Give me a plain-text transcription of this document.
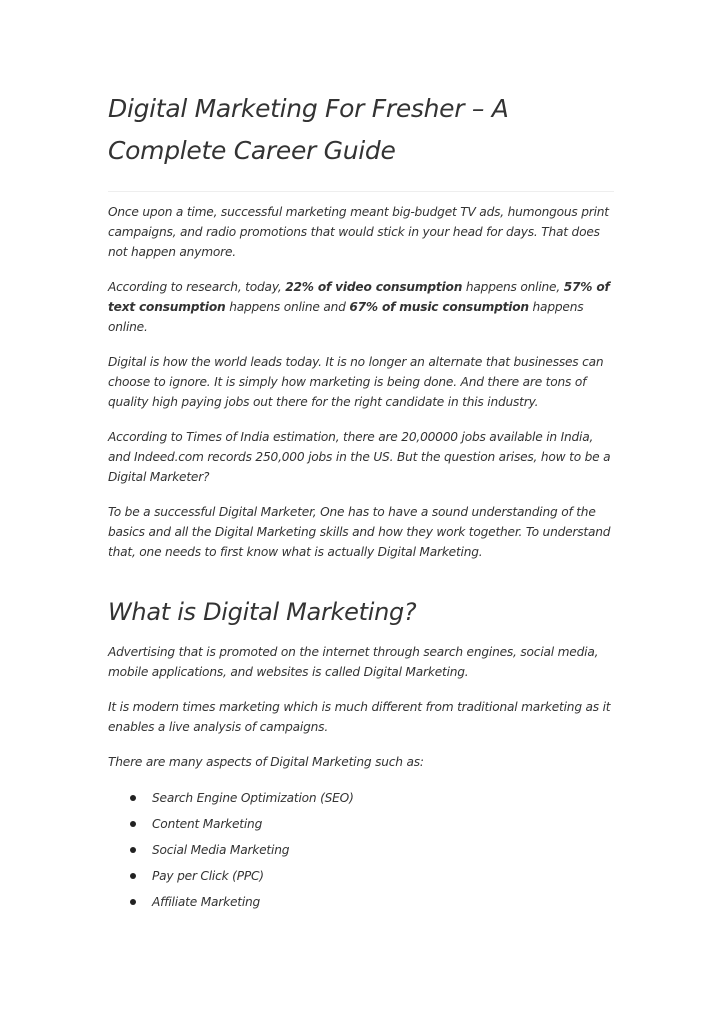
Digital Marketing For Fresher – A
Complete Career Guide

Once upon a time, successful marketing meant big-budget TV ads, humongous print campaigns, and radio promotions that would stick in your head for days. That does not happen anymore.

According to research, today, 22% of video consumption happens online, 57% of text consumption happens online and 67% of music consumption happens online.

Digital is how the world leads today. It is no longer an alternate that businesses can choose to ignore. It is simply how marketing is being done. And there are tons of quality high paying jobs out there for the right candidate in this industry.

According to Times of India estimation, there are 20,00000 jobs available in India, and Indeed.com records 250,000 jobs in the US. But the question arises, how to be a Digital Marketer?

To be a successful Digital Marketer, One has to have a sound understanding of the basics and all the Digital Marketing skills and how they work together. To understand that, one needs to first know what is actually Digital Marketing.

What is Digital Marketing?

Advertising that is promoted on the internet through search engines, social media, mobile applications, and websites is called Digital Marketing.

It is modern times marketing which is much different from traditional marketing as it enables a live analysis of campaigns.

There are many aspects of Digital Marketing such as:

Search Engine Optimization (SEO)
Content Marketing
Social Media Marketing
Pay per Click (PPC)
Affiliate Marketing
